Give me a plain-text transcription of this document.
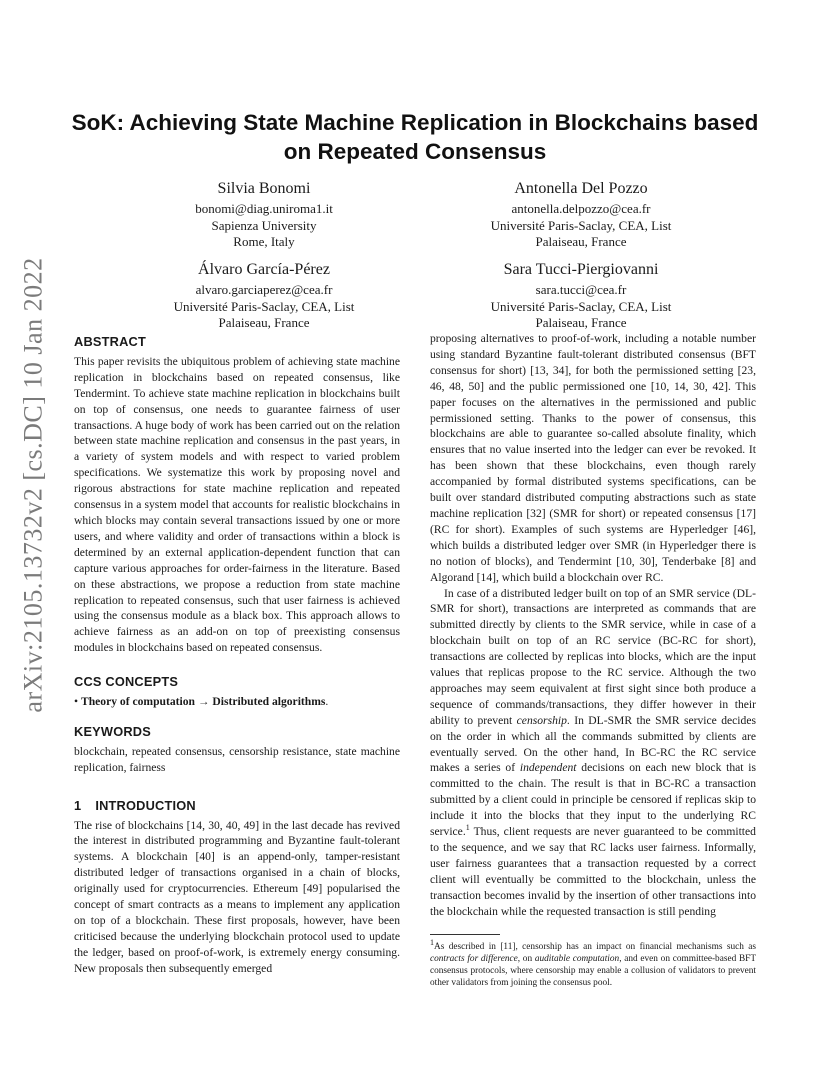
arXiv:2105.13732v2 [cs.DC] 10 Jan 2022
SoK: Achieving State Machine Replication in Blockchains based on Repeated Consensus
Silvia Bonomi
bonomi@diag.uniroma1.it
Sapienza University
Rome, Italy
Antonella Del Pozzo
antonella.delpozzo@cea.fr
Université Paris-Saclay, CEA, List
Palaiseau, France
Álvaro García-Pérez
alvaro.garciaperez@cea.fr
Université Paris-Saclay, CEA, List
Palaiseau, France
Sara Tucci-Piergiovanni
sara.tucci@cea.fr
Université Paris-Saclay, CEA, List
Palaiseau, France
ABSTRACT

This paper revisits the ubiquitous problem of achieving state machine replication in blockchains based on repeated consensus, like Tendermint. To achieve state machine replication in blockchains built on top of consensus, one needs to guarantee fairness of user transactions. A huge body of work has been carried out on the relation between state machine replication and consensus in the past years, in a variety of system models and with respect to varied problem specifications. We systematize this work by proposing novel and rigorous abstractions for state machine replication and repeated consensus in a system model that accounts for realistic blockchains in which blocks may contain several transactions issued by one or more users, and where validity and order of transactions within a block is determined by an external application-dependent function that can capture various approaches for order-fairness in the literature. Based on these abstractions, we propose a reduction from state machine replication to repeated consensus, such that user fairness is achieved using the consensus module as a black box. This approach allows to achieve fairness as an add-on on top of preexisting consensus modules in blockchains based on repeated consensus.

CCS CONCEPTS

• Theory of computation → Distributed algorithms.

KEYWORDS

blockchain, repeated consensus, censorship resistance, state machine replication, fairness

1 INTRODUCTION

The rise of blockchains [14, 30, 40, 49] in the last decade has revived the interest in distributed programming and Byzantine fault-tolerant systems. A blockchain [40] is an append-only, tamper-resistant distributed ledger of transactions organised in a chain of blocks, originally used for cryptocurrencies. Ethereum [49] popularised the concept of smart contracts as a means to implement any application on top of a blockchain. These first proposals, however, have been criticised because the underlying blockchain protocol used to update the ledger, based on proof-of-work, is extremely energy consuming. New proposals then subsequently emerged

proposing alternatives to proof-of-work, including a notable number using standard Byzantine fault-tolerant distributed consensus (BFT consensus for short) [13, 34], for both the permissioned setting [23, 46, 48, 50] and the public permissioned one [10, 14, 30, 42]. This paper focuses on the alternatives in the permissioned and public permissioned setting. Thanks to the power of consensus, this blockchains are able to guarantee so-called absolute finality, which ensures that no value inserted into the ledger can ever be revoked. It has been shown that these blockchains, even though rarely accompanied by formal distributed systems specifications, can be built over standard distributed computing abstractions such as state machine replication [32] (SMR for short) or repeated consensus [17] (RC for short). Examples of such systems are Hyperledger [46], which builds a distributed ledger over SMR (in Hyperledger there is no notion of blocks), and Tendermint [10, 30], Tenderbake [8] and Algorand [14], which build a blockchain over RC.

In case of a distributed ledger built on top of an SMR service (DL-SMR for short), transactions are interpreted as commands that are submitted directly by clients to the SMR service, while in case of a blockchain built on top of an RC service (BC-RC for short), transactions are collected by replicas into blocks, which are the input values that replicas propose to the RC service. Although the two approaches may seem equivalent at first sight since both produce a sequence of commands/transactions, they differ however in their ability to prevent censorship. In DL-SMR the SMR service decides on the order in which all the commands submitted by clients are eventually served. On the other hand, In BC-RC the RC service makes a series of independent decisions on each new block that is committed to the chain. The result is that in BC-RC a transaction submitted by a client could in principle be censored if replicas skip to include it into the blocks that they input to the underlying RC service.$^1$ Thus, client requests are never guaranteed to be committed to the sequence, and we say that RC lacks user fairness. Informally, user fairness guarantees that a transaction requested by a correct client will eventually be committed to the blockchain, unless the transaction becomes invalid by the insertion of other transactions into the blockchain while the requested transaction is still pending

$^1$As described in [11], censorship has an impact on financial mechanisms such as contracts for difference, on auditable computation, and even on committee-based BFT consensus protocols, where censorship may enable a collusion of validators to prevent other validators from joining the consensus pool.
